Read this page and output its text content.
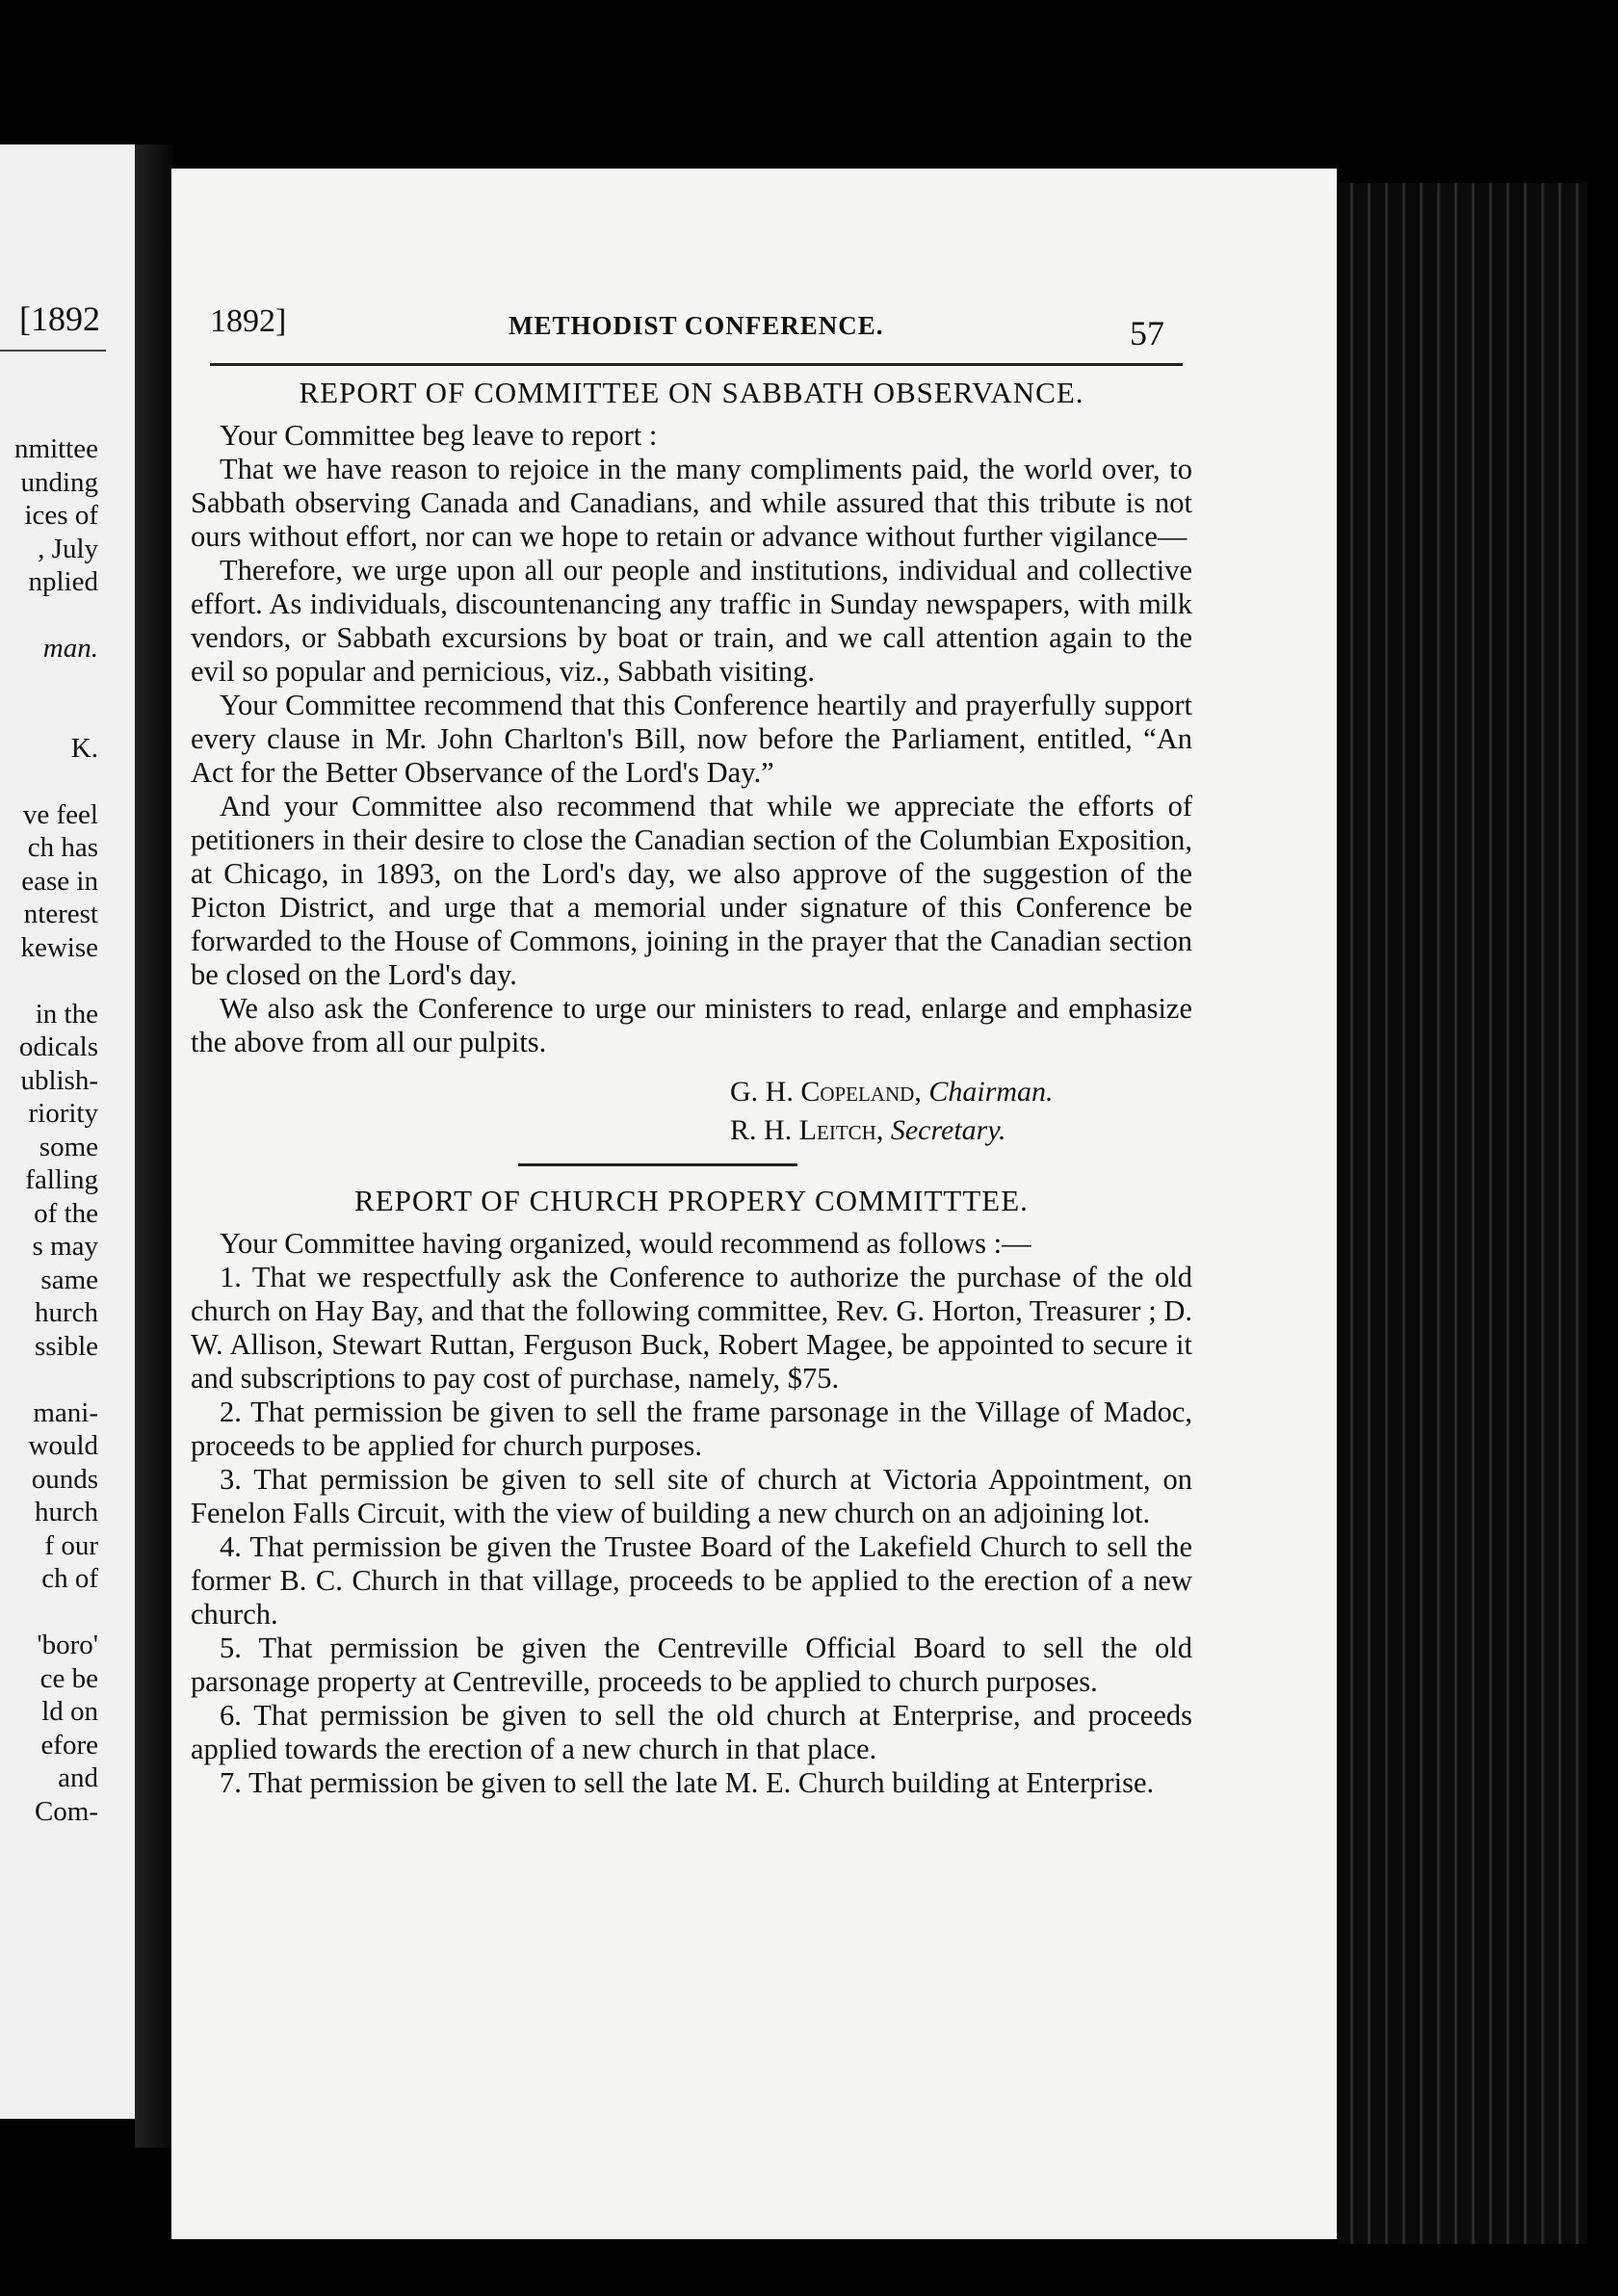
[1892
nmittee
unding
ices of
, July
nplied
man.
K.
ve feel
ch has
ease in
nterest
kewise
in the
odicals
ublish-
riority
some
falling
of the
s may
same
hurch
ssible
mani-
would
ounds
hurch
f our
ch of
'boro'
ce be
ld on
efore
and
Com-
1892]	METHODIST CONFERENCE.	57
REPORT OF COMMITTEE ON SABBATH OBSERVANCE.

Your Committee beg leave to report :

That we have reason to rejoice in the many compliments paid, the world over, to Sabbath observing Canada and Canadians, and while assured that this tribute is not ours without effort, nor can we hope to retain or advance without further vigilance—

Therefore, we urge upon all our people and institutions, individual and collective effort. As individuals, discountenancing any traffic in Sunday newspapers, with milk vendors, or Sabbath excursions by boat or train, and we call attention again to the evil so popular and pernicious, viz., Sabbath visiting.

Your Committee recommend that this Conference heartily and prayerfully support every clause in Mr. John Charlton's Bill, now before the Parliament, entitled, “An Act for the Better Observance of the Lord's Day.”

And your Committee also recommend that while we appreciate the efforts of petitioners in their desire to close the Canadian section of the Columbian Exposition, at Chicago, in 1893, on the Lord's day, we also approve of the suggestion of the Picton District, and urge that a memorial under signature of this Conference be forwarded to the House of Commons, joining in the prayer that the Canadian section be closed on the Lord's day.

We also ask the Conference to urge our ministers to read, enlarge and emphasize the above from all our pulpits.

G. H. Copeland, Chairman.
R. H. Leitch, Secretary.
REPORT OF CHURCH PROPERY COMMITTTEE.

Your Committee having organized, would recommend as follows :—

1. That we respectfully ask the Conference to authorize the purchase of the old church on Hay Bay, and that the following committee, Rev. G. Horton, Treasurer ; D. W. Allison, Stewart Ruttan, Ferguson Buck, Robert Magee, be appointed to secure it and subscriptions to pay cost of purchase, namely, $75.

2. That permission be given to sell the frame parsonage in the Village of Madoc, proceeds to be applied for church purposes.

3. That permission be given to sell site of church at Victoria Appointment, on Fenelon Falls Circuit, with the view of building a new church on an adjoining lot.

4. That permission be given the Trustee Board of the Lakefield Church to sell the former B. C. Church in that village, proceeds to be applied to the erection of a new church.

5. That permission be given the Centreville Official Board to sell the old parsonage property at Centreville, proceeds to be applied to church purposes.

6. That permission be given to sell the old church at Enterprise, and proceeds applied towards the erection of a new church in that place.

7. That permission be given to sell the late M. E. Church building at Enterprise.
